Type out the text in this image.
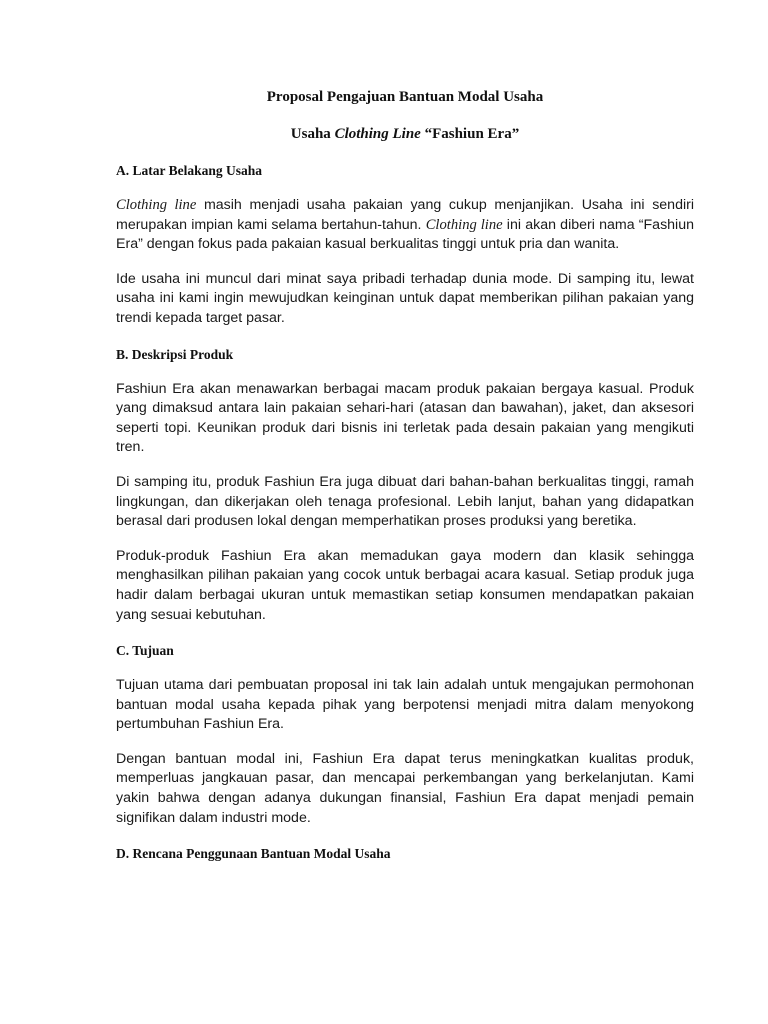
Proposal Pengajuan Bantuan Modal Usaha
Usaha Clothing Line “Fashiun Era”
A. Latar Belakang Usaha

Clothing line masih menjadi usaha pakaian yang cukup menjanjikan. Usaha ini sendiri merupakan impian kami selama bertahun-tahun. Clothing line ini akan diberi nama “Fashiun Era” dengan fokus pada pakaian kasual berkualitas tinggi untuk pria dan wanita.

Ide usaha ini muncul dari minat saya pribadi terhadap dunia mode. Di samping itu, lewat usaha ini kami ingin mewujudkan keinginan untuk dapat memberikan pilihan pakaian yang trendi kepada target pasar.

B. Deskripsi Produk

Fashiun Era akan menawarkan berbagai macam produk pakaian bergaya kasual. Produk yang dimaksud antara lain pakaian sehari-hari (atasan dan bawahan), jaket, dan aksesori seperti topi. Keunikan produk dari bisnis ini terletak pada desain pakaian yang mengikuti tren.

Di samping itu, produk Fashiun Era juga dibuat dari bahan-bahan berkualitas tinggi, ramah lingkungan, dan dikerjakan oleh tenaga profesional. Lebih lanjut, bahan yang didapatkan berasal dari produsen lokal dengan memperhatikan proses produksi yang beretika.

Produk-produk Fashiun Era akan memadukan gaya modern dan klasik sehingga menghasilkan pilihan pakaian yang cocok untuk berbagai acara kasual. Setiap produk juga hadir dalam berbagai ukuran untuk memastikan setiap konsumen mendapatkan pakaian yang sesuai kebutuhan.

C. Tujuan

Tujuan utama dari pembuatan proposal ini tak lain adalah untuk mengajukan permohonan bantuan modal usaha kepada pihak yang berpotensi menjadi mitra dalam menyokong pertumbuhan Fashiun Era.

Dengan bantuan modal ini, Fashiun Era dapat terus meningkatkan kualitas produk, memperluas jangkauan pasar, dan mencapai perkembangan yang berkelanjutan. Kami yakin bahwa dengan adanya dukungan finansial, Fashiun Era dapat menjadi pemain signifikan dalam industri mode.

D. Rencana Penggunaan Bantuan Modal Usaha
